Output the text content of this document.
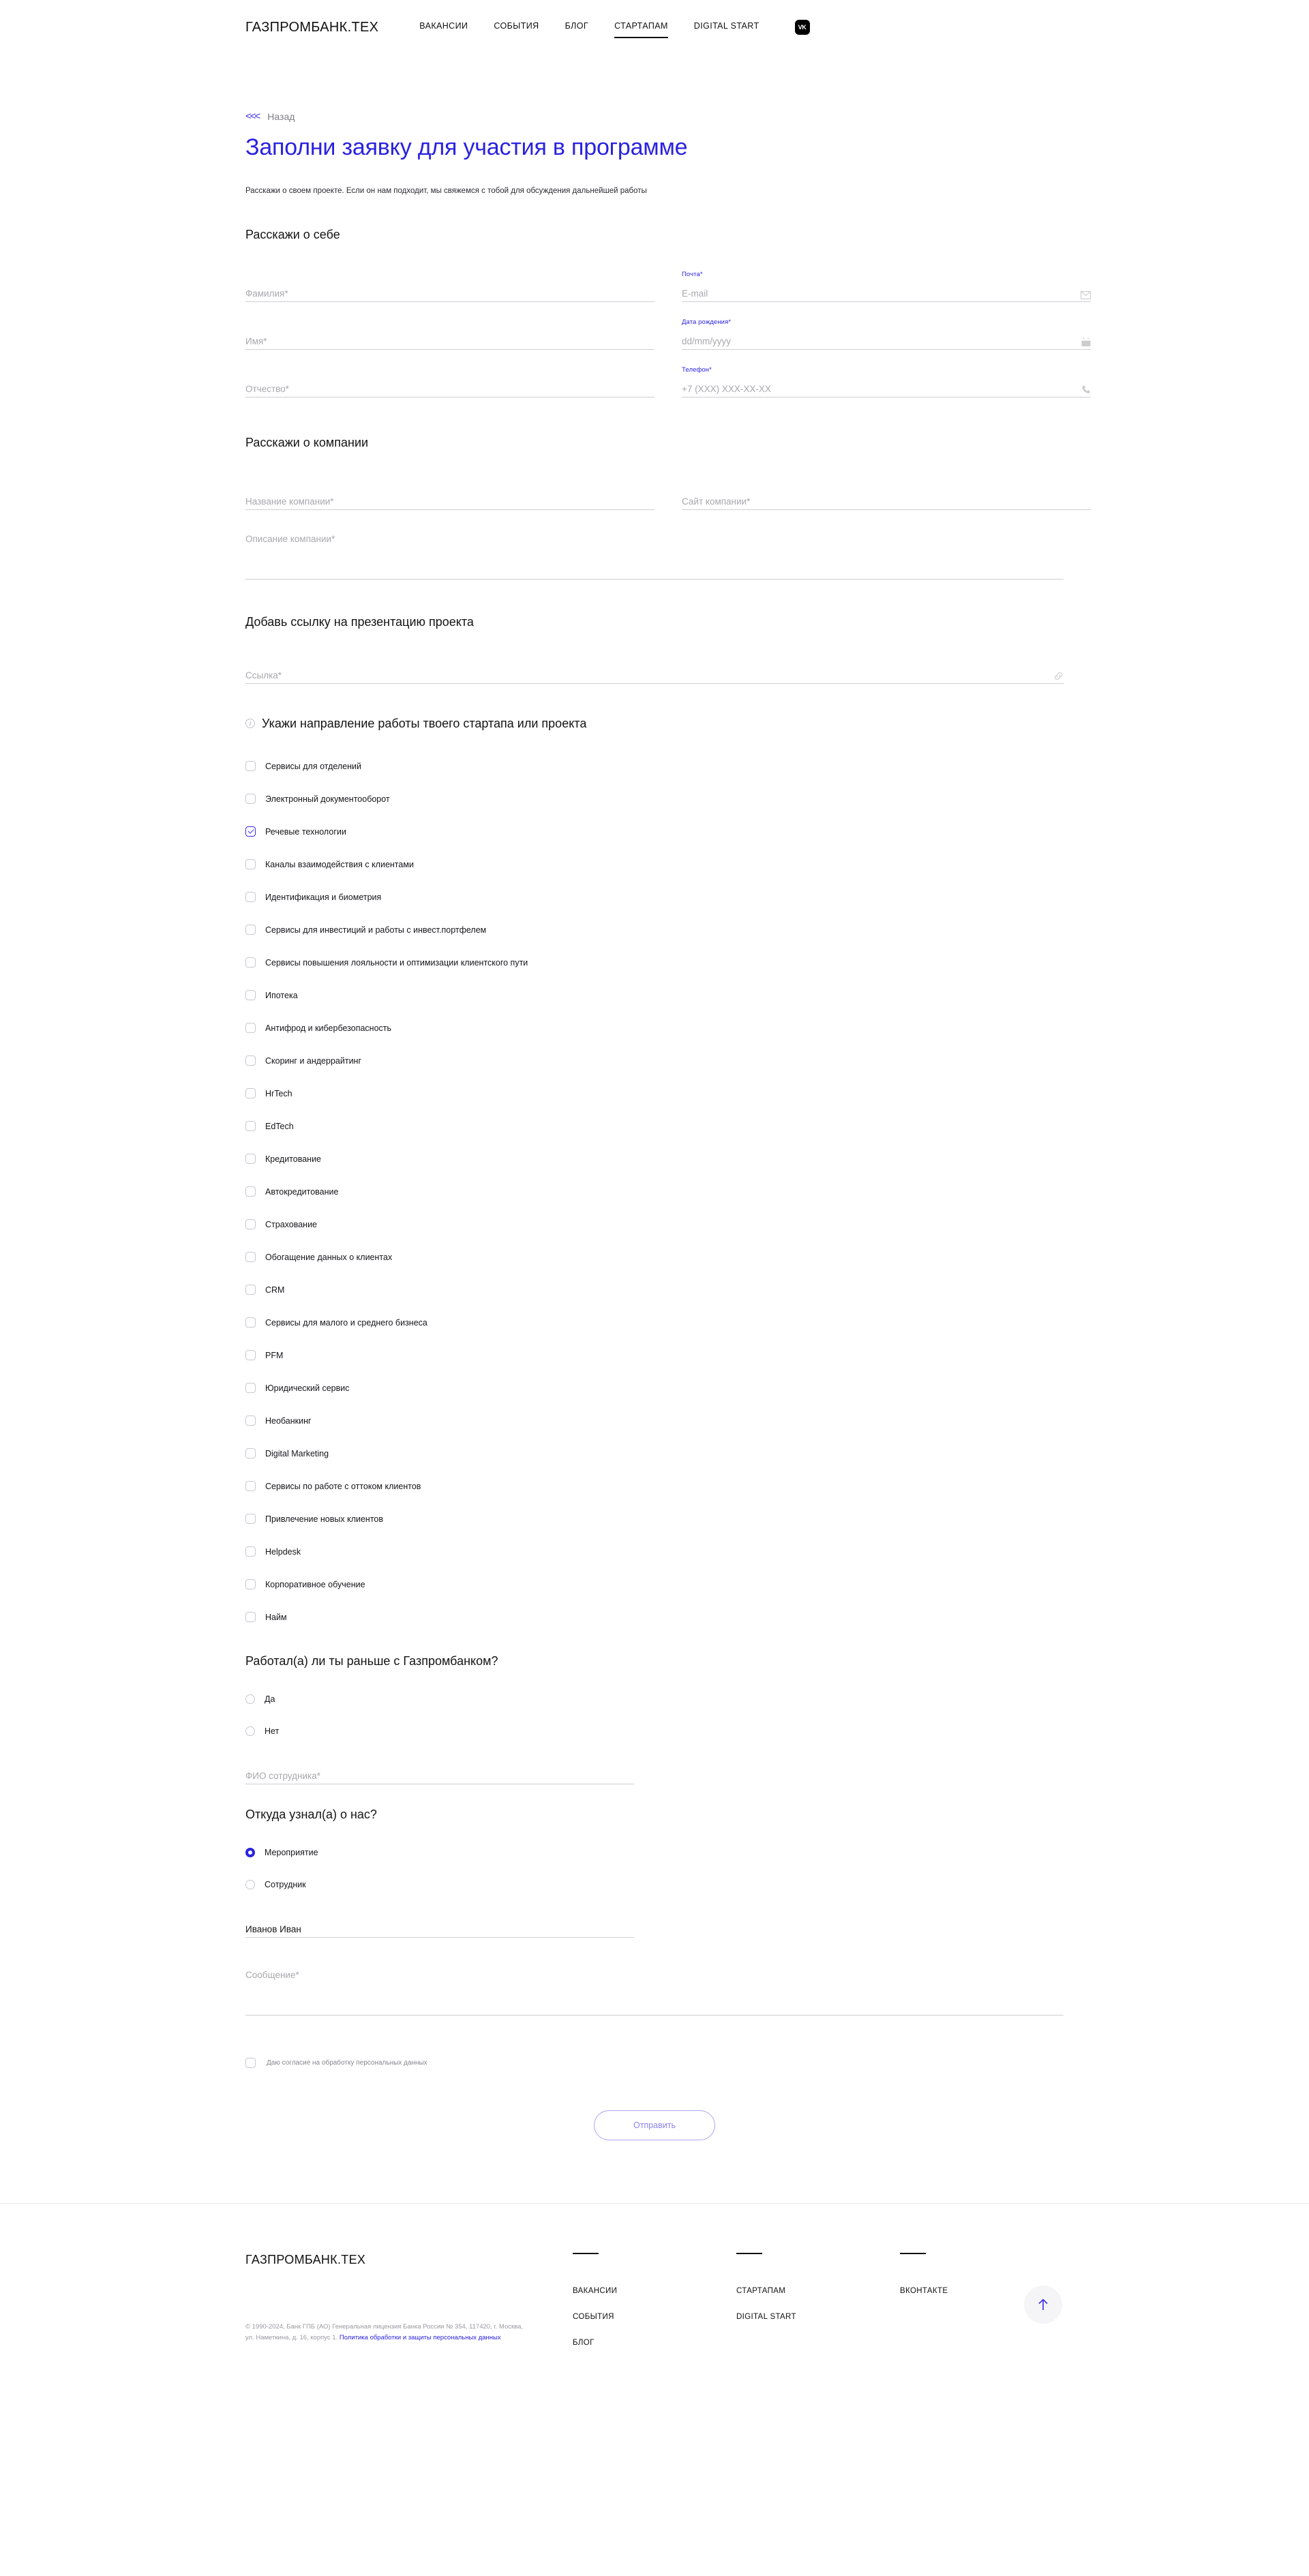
ГАЗПРОМБАНК.ТЕХ	ВАКАНСИИ	СОБЫТИЯ	БЛОГ	СТАРТАПАМ	DIGITAL START	VK
<<< Назад
Заполни заявку для участия в программе

Расскажи о своем проекте. Если он нам подходит, мы свяжемся с тобой для обсуждения дальнейшей работы

Расскажи о себе
Фамилия*
Почта*
E-mail
Имя*
Дата рождения*
dd/mm/yyyy
Отчество*
Телефон*
+7 (XXX) XXX-XX-XX
Расскажи о компании
Название компании*	Сайт компании*
Описание компании*
Добавь ссылку на презентацию проекта
Ссылка*
i Укажи направление работы твоего стартапа или проекта
Сервисы для отделений
Электронный документооборот
Речевые технологии
Каналы взаимодействия с клиентами
Идентификация и биометрия
Сервисы для инвестиций и работы с инвест.портфелем
Сервисы повышения лояльности и оптимизации клиентского пути
Ипотека
Антифрод и кибербезопасность
Скоринг и андеррайтинг
HrTech
EdTech
Кредитование
Автокредитование
Страхование
Обогащение данных о клиентах
CRM
Сервисы для малого и среднего бизнеса
PFM
Юридический сервис
Необанкинг
Digital Marketing
Сервисы по работе с оттоком клиентов
Привлечение новых клиентов
Helpdesk
Корпоративное обучение
Найм
Работал(а) ли ты раньше с Газпромбанком?
Да
Нет
ФИО сотрудника*
Откуда узнал(а) о нас?
Мероприятие
Сотрудник
Иванов Иван
Сообщение*
Даю согласие на обработку персональных данных
Отправить
ГАЗПРОМБАНК.ТЕХ
© 1990-2024, Банк ГПБ (АО) Генеральная лицензия Банка России № 354, 117420, г. Москва, ул. Наметкина, д. 16, корпус 1. Политика обработки и защиты персональных данных
ВАКАНСИИ
СОБЫТИЯ
БЛОГ
СТАРТАПАМ
DIGITAL START
ВКОНТАКТЕ
